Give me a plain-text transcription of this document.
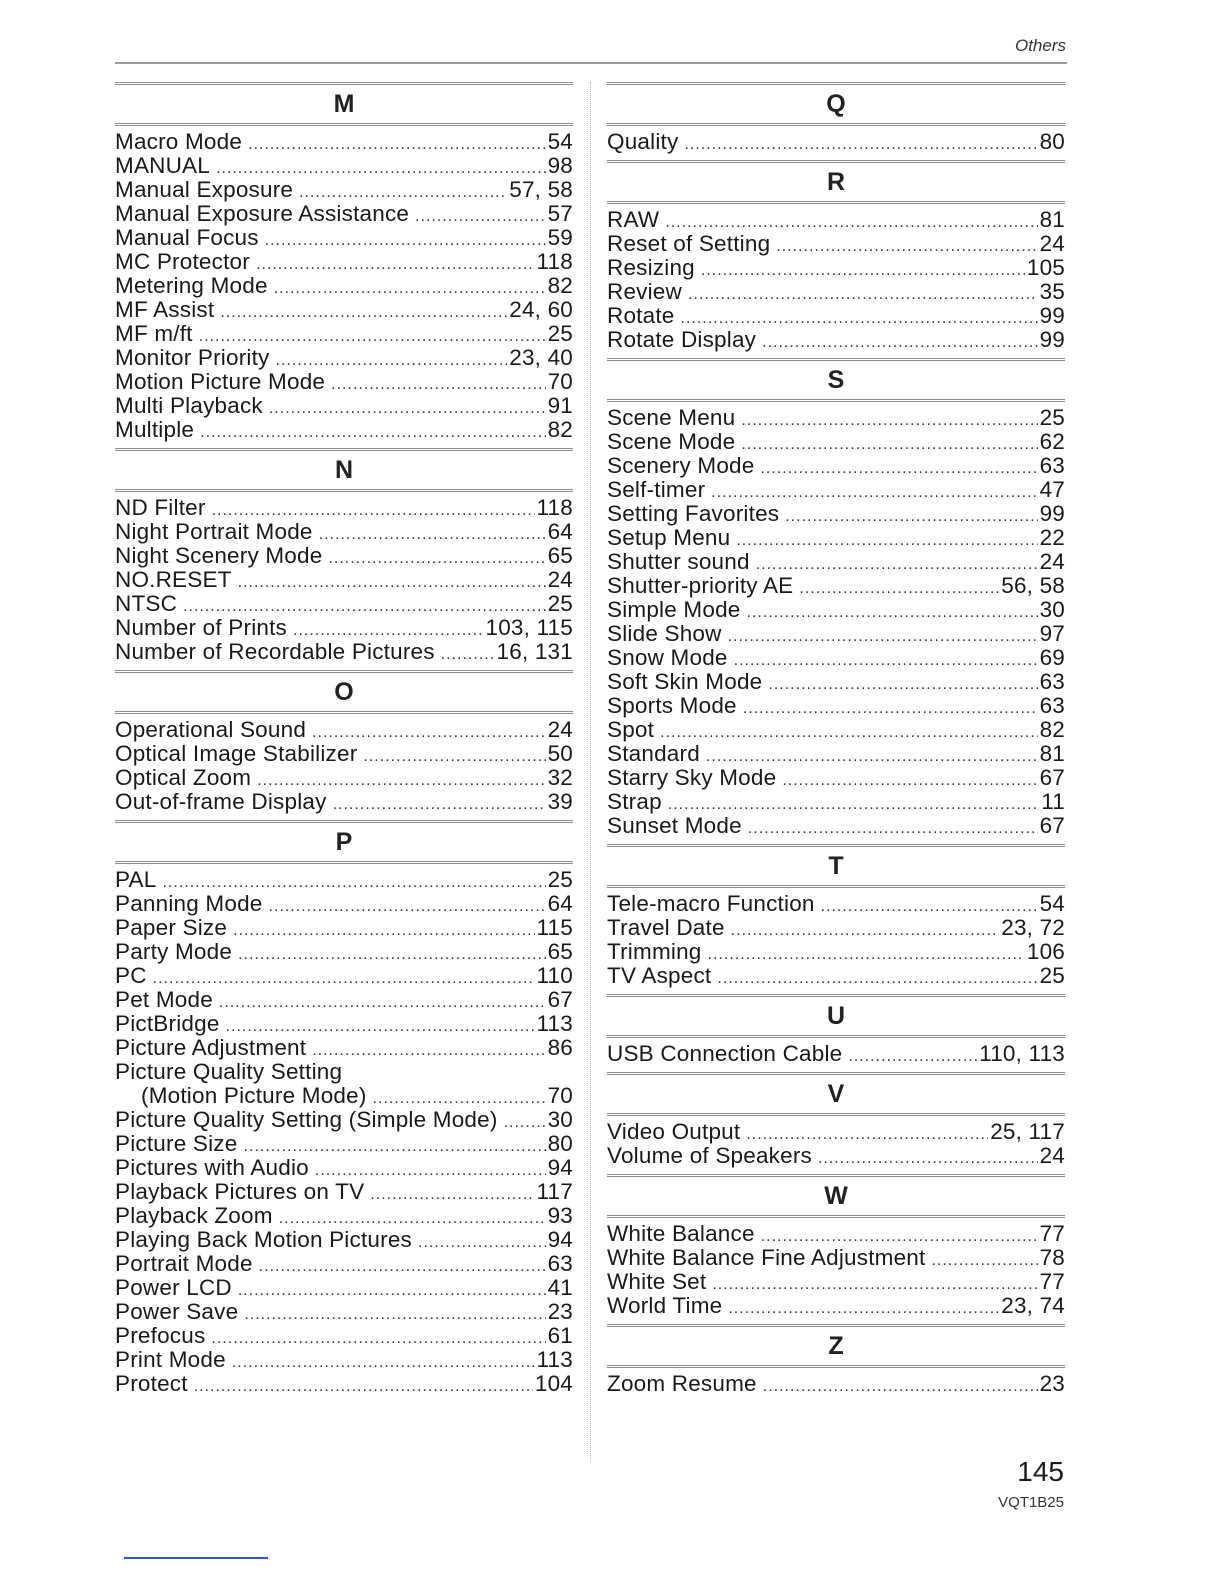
Others
M
Macro Mode .....	54
MANUAL .....	98
Manual Exposure .....	57, 58
Manual Exposure Assistance .....	57
Manual Focus .....	59
MC Protector .....	118
Metering Mode .....	82
MF Assist .....	24, 60
MF m/ft .....	25
Monitor Priority .....	23, 40
Motion Picture Mode .....	70
Multi Playback .....	91
Multiple .....	82
N
ND Filter .....	118
Night Portrait Mode .....	64
Night Scenery Mode .....	65
NO.RESET .....	24
NTSC .....	25
Number of Prints .....	103, 115
Number of Recordable Pictures .....	16, 131
O
Operational Sound .....	24
Optical Image Stabilizer .....	50
Optical Zoom .....	32
Out-of-frame Display .....	39
P
PAL .....	25
Panning Mode .....	64
Paper Size .....	115
Party Mode .....	65
PC .....	110
Pet Mode .....	67
PictBridge .....	113
Picture Adjustment .....	86
Picture Quality Setting
(Motion Picture Mode) .....	70
Picture Quality Setting (Simple Mode) ..... 30
Picture Size .....	80
Pictures with Audio .....	94
Playback Pictures on TV .....	117
Playback Zoom .....	93
Playing Back Motion Pictures .....	94
Portrait Mode .....	63
Power LCD .....	41
Power Save .....	23
Prefocus .....	61
Print Mode .....	113
Protect .....	104
Q
Quality .....	80
R
RAW .....	81
Reset of Setting .....	24
Resizing .....	105
Review .....	35
Rotate .....	99
Rotate Display .....	99
S
Scene Menu .....	25
Scene Mode .....	62
Scenery Mode .....	63
Self-timer .....	47
Setting Favorites .....	99
Setup Menu .....	22
Shutter sound .....	24
Shutter-priority AE .....	56, 58
Simple Mode .....	30
Slide Show .....	97
Snow Mode .....	69
Soft Skin Mode .....	63
Sports Mode .....	63
Spot .....	82
Standard .....	81
Starry Sky Mode .....	67
Strap .....	11
Sunset Mode .....	67
T
Tele-macro Function .....	54
Travel Date .....	23, 72
Trimming .....	106
TV Aspect .....	25
U
USB Connection Cable .....	110, 113
V
Video Output .....	25, 117
Volume of Speakers .....	24
W
White Balance .....	77
White Balance Fine Adjustment .....	78
White Set .....	77
World Time .....	23, 74
Z
Zoom Resume .....	23
145
VQT1B25
